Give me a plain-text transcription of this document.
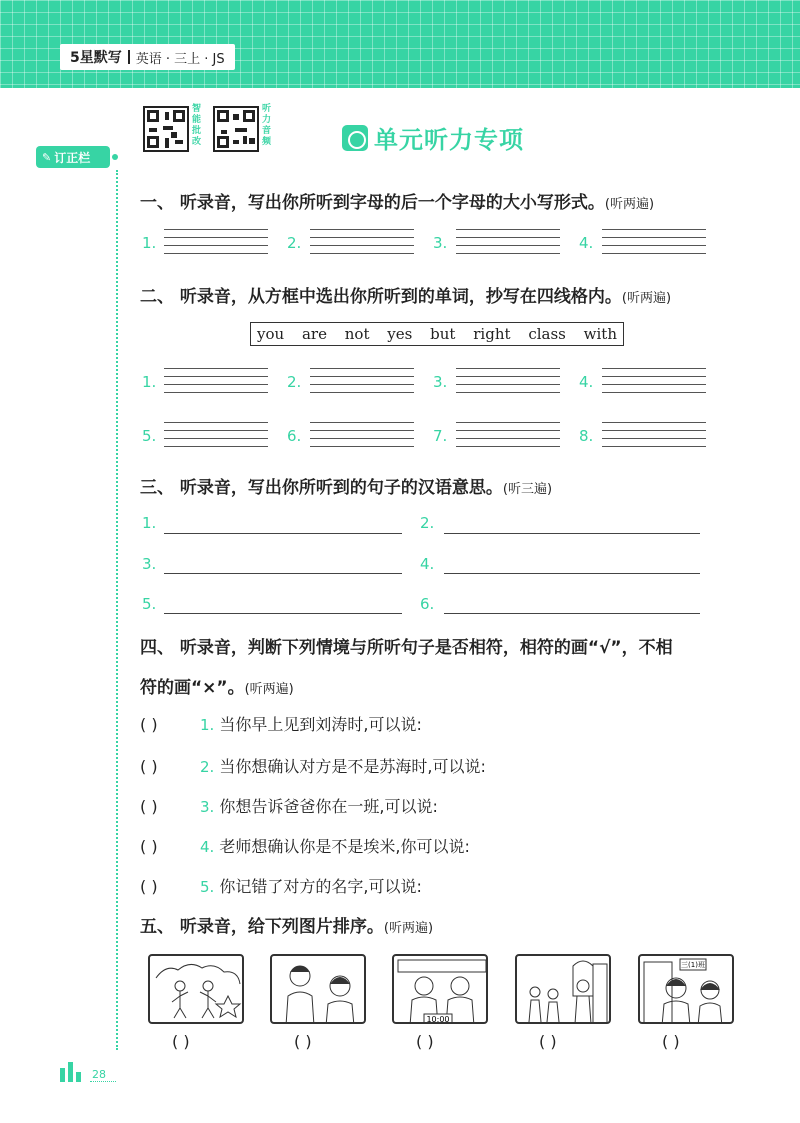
5星默写 英语 · 三上 · JS
✎ 订正栏
智能批改
听力音频	单元听力专项
一、 听录音，写出你所听到字母的后一个字母的大小写形式。(听两遍)
1.	2.	3.	4.
二、 听录音，从方框中选出你所听到的单词，抄写在四线格内。(听两遍)
you are not yes but right class with
1.	2.	3.	4.
5.	6.	7.	8.
三、 听录音，写出你所听到的句子的汉语意思。(听三遍)
1.	2.
3.	4.
5.	6.
四、 听录音，判断下列情境与所听句子是否相符，相符的画“√”，不相
符的画“×”。(听两遍)
( )	1. 当你早上见到刘涛时,可以说:
( )	2. 当你想确认对方是不是苏海时,可以说:
( )	3. 你想告诉爸爸你在一班,可以说:
( )	4. 老师想确认你是不是埃米,你可以说:
( )	5. 你记错了对方的名字,可以说:
五、 听录音，给下列图片排序。(听两遍)
10:00
三(1)班
( )	( )	( )	( )	( )
28
